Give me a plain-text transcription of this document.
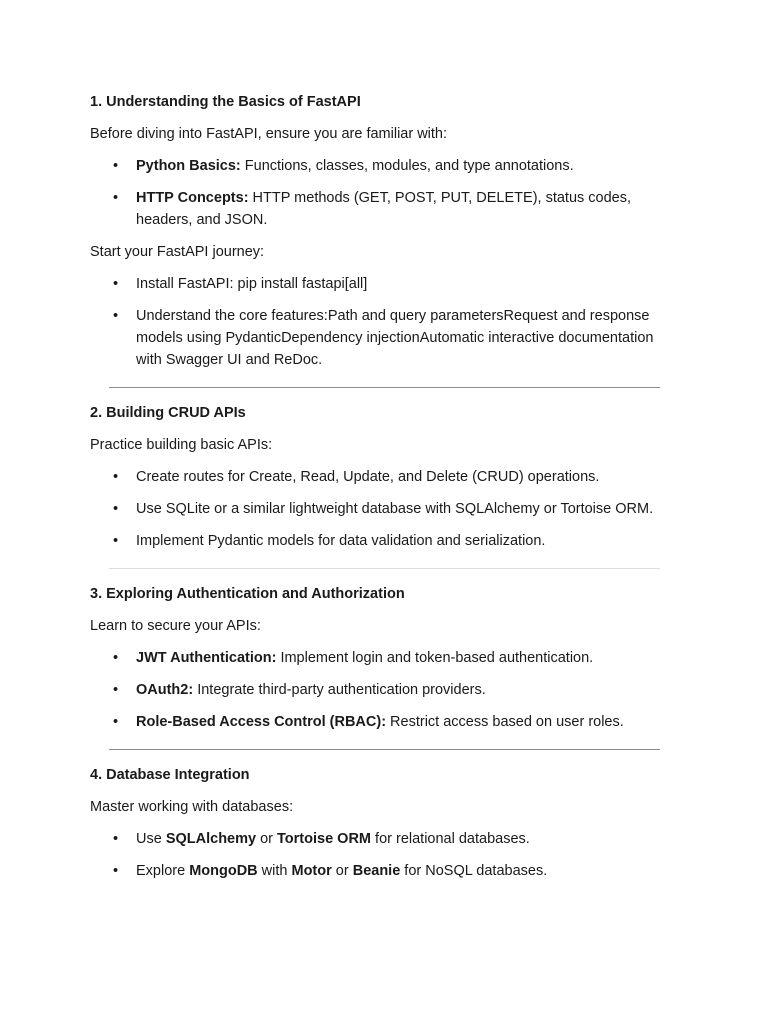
1. Understanding the Basics of FastAPI
Before diving into FastAPI, ensure you are familiar with:
• Python Basics: Functions, classes, modules, and type annotations.
• HTTP Concepts: HTTP methods (GET, POST, PUT, DELETE), status codes, headers, and JSON.
Start your FastAPI journey:
• Install FastAPI: pip install fastapi[all]
• Understand the core features:Path and query parametersRequest and response models using PydanticDependency injectionAutomatic interactive documentation with Swagger UI and ReDoc.
2. Building CRUD APIs
Practice building basic APIs:
• Create routes for Create, Read, Update, and Delete (CRUD) operations.
• Use SQLite or a similar lightweight database with SQLAlchemy or Tortoise ORM.
• Implement Pydantic models for data validation and serialization.
3. Exploring Authentication and Authorization
Learn to secure your APIs:
• JWT Authentication: Implement login and token-based authentication.
• OAuth2: Integrate third-party authentication providers.
• Role-Based Access Control (RBAC): Restrict access based on user roles.
4. Database Integration
Master working with databases:
• Use SQLAlchemy or Tortoise ORM for relational databases.
• Explore MongoDB with Motor or Beanie for NoSQL databases.
